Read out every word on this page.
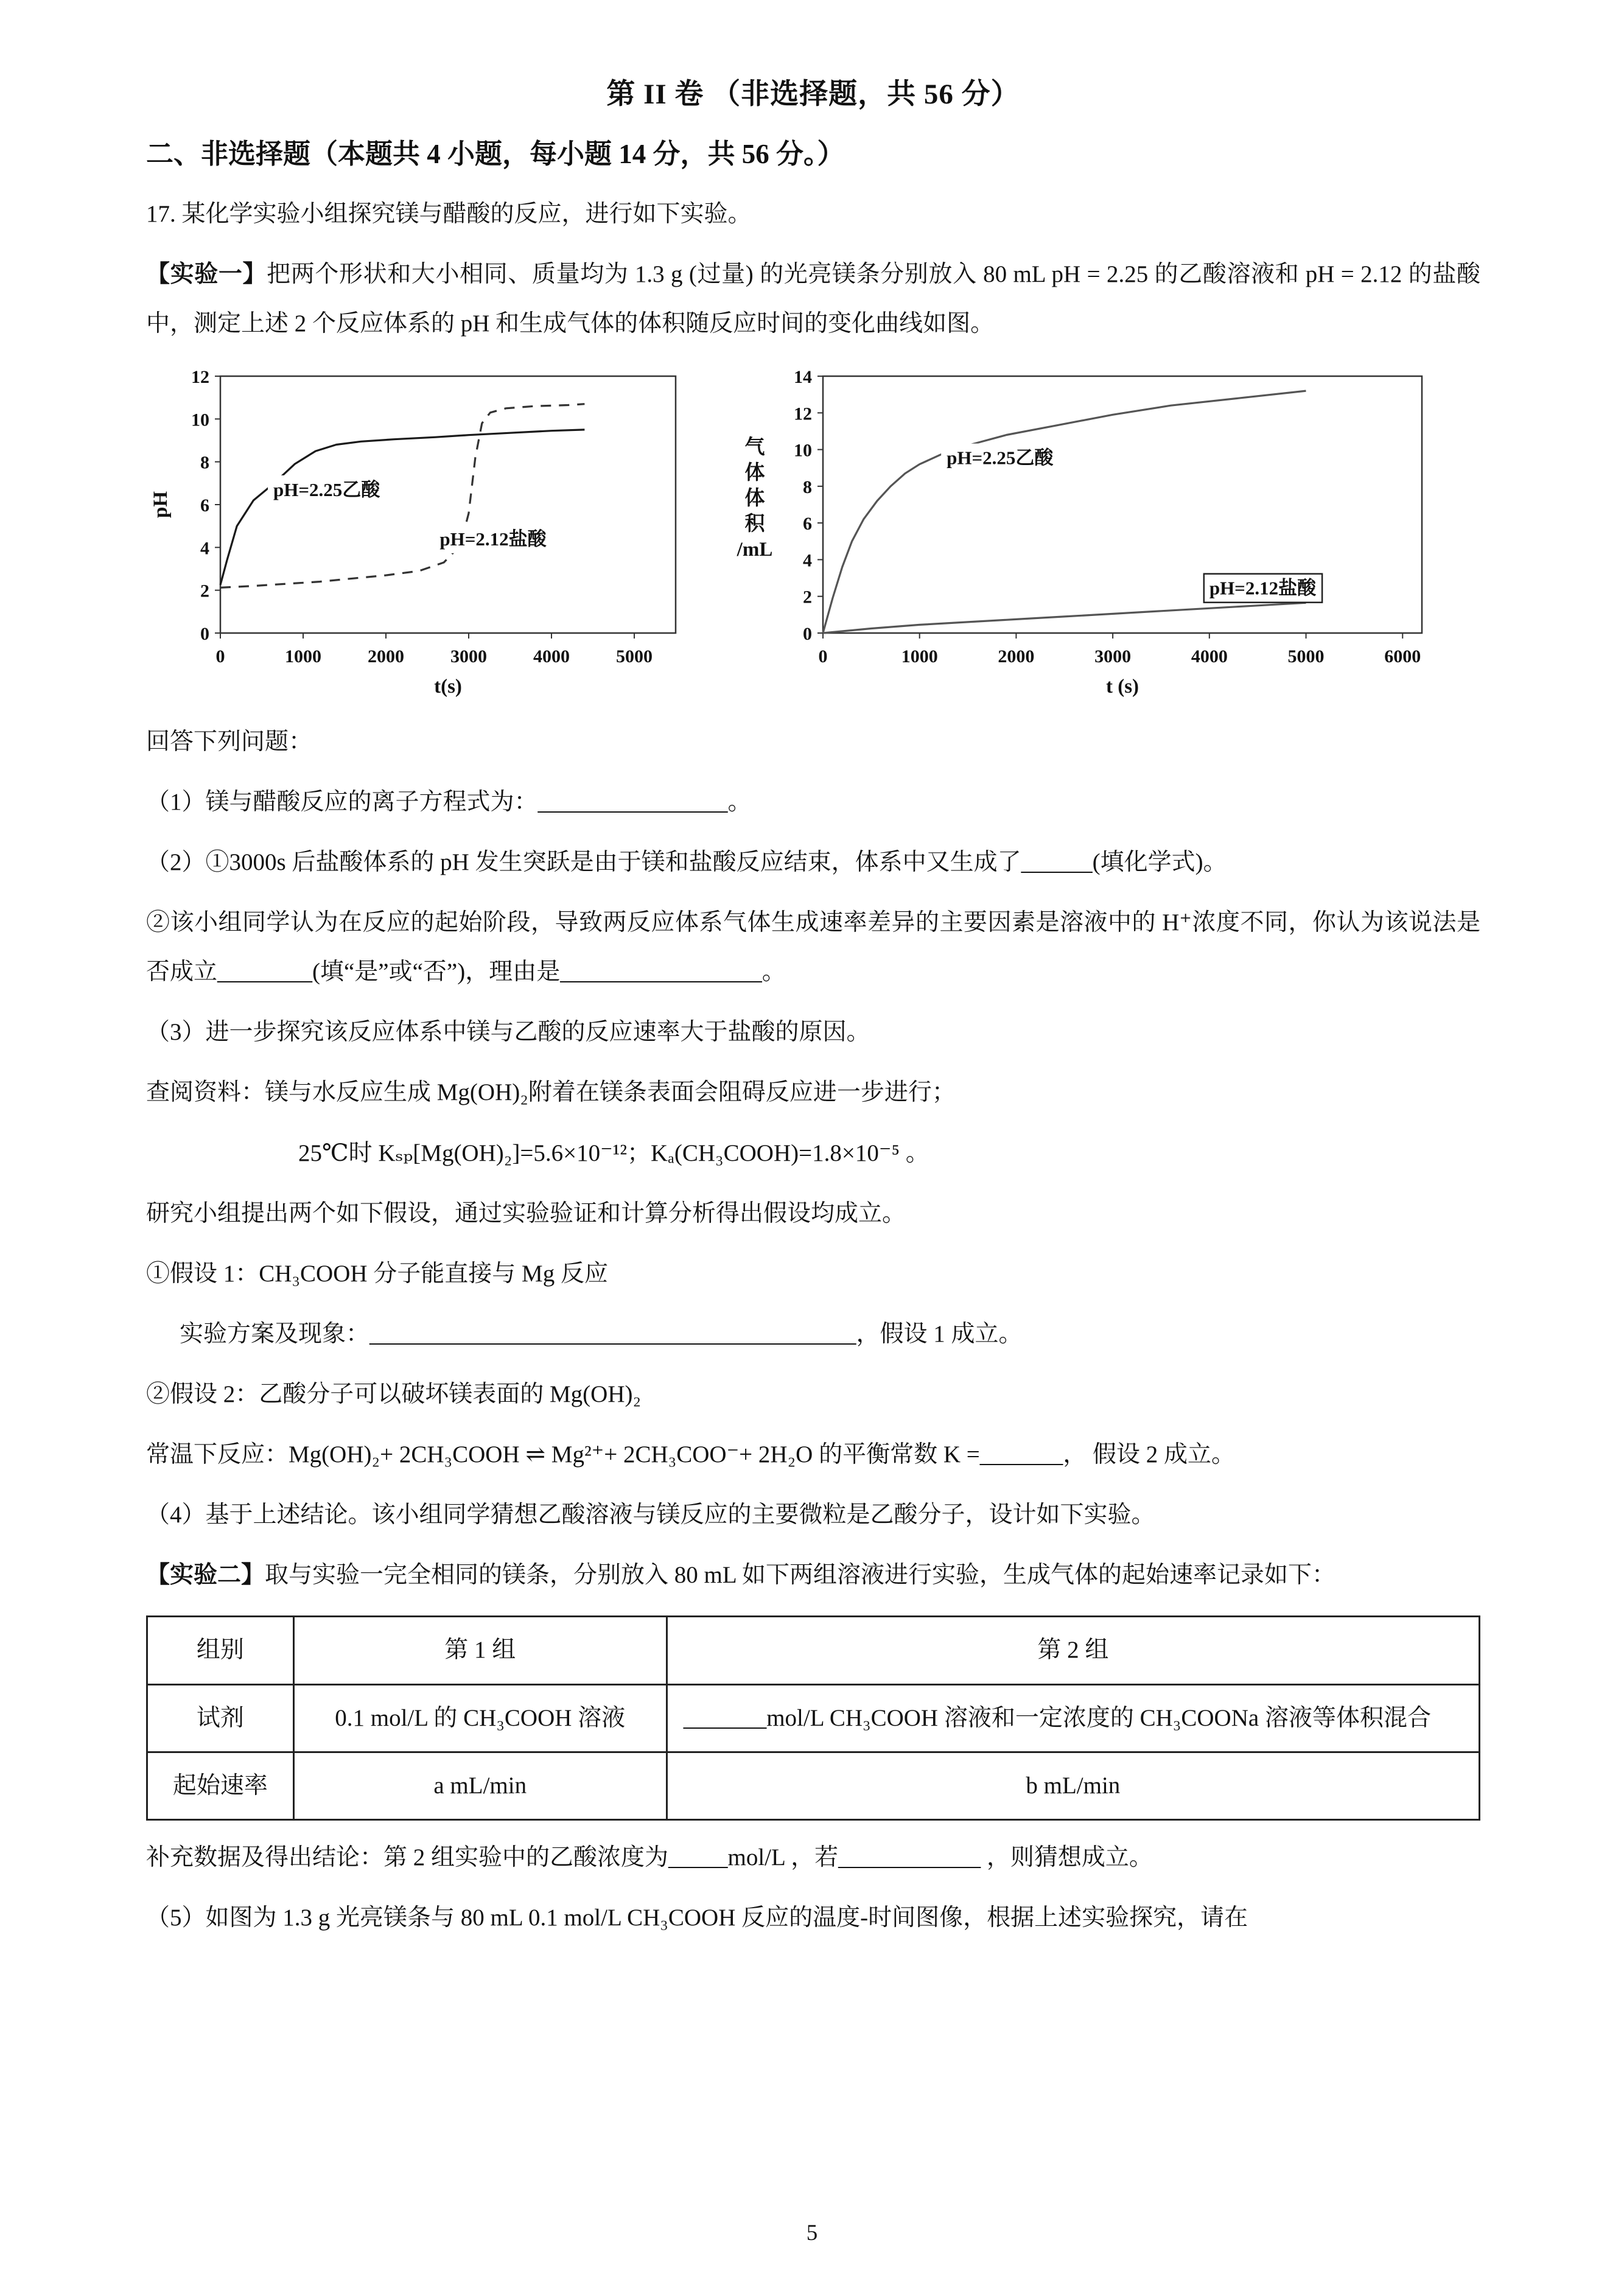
第 II 卷 （非选择题，共 56 分）
二、非选择题（本题共 4 小题，每小题 14 分，共 56 分。）

17. 某化学实验小组探究镁与醋酸的反应，进行如下实验。

【实验一】把两个形状和大小相同、质量均为 1.3 g (过量) 的光亮镁条分别放入 80 mL pH = 2.25 的乙酸溶液和 pH = 2.12 的盐酸中，测定上述 2 个反应体系的 pH 和生成气体的体积随反应时间的变化曲线如图。

0
2
4
6
8
10
12
0	1000	2000	3000	4000	5000
t(s)
pH
pH=2.25乙酸
pH=2.12盐酸
0
2
4
6
8
10
12
14
0	1000	2000	3000	4000	5000	6000
t (s)
气
体
体
积
/mL
pH=2.25乙酸
pH=2.12盐酸

回答下列问题：

（1）镁与醋酸反应的离子方程式为：________________。

（2）①3000s 后盐酸体系的 pH 发生突跃是由于镁和盐酸反应结束，体系中又生成了______(填化学式)。

②该小组同学认为在反应的起始阶段，导致两反应体系气体生成速率差异的主要因素是溶液中的 H⁺浓度不同，你认为该说法是否成立________(填“是”或“否”)，理由是_________________。

（3）进一步探究该反应体系中镁与乙酸的反应速率大于盐酸的原因。

查阅资料：镁与水反应生成 Mg(OH)₂附着在镁条表面会阻碍反应进一步进行；

25℃时 Kₛₚ[Mg(OH)₂]=5.6×10⁻¹²；Kₐ(CH₃COOH)=1.8×10⁻⁵ 。

研究小组提出两个如下假设，通过实验验证和计算分析得出假设均成立。

①假设 1：CH₃COOH 分子能直接与 Mg 反应

实验方案及现象：_________________________________________，假设 1 成立。

②假设 2：乙酸分子可以破坏镁表面的 Mg(OH)₂

常温下反应：Mg(OH)₂+ 2CH₃COOH ⇌ Mg²⁺+ 2CH₃COO⁻+ 2H₂O 的平衡常数 K =_______， 假设 2 成立。

（4）基于上述结论。该小组同学猜想乙酸溶液与镁反应的主要微粒是乙酸分子，设计如下实验。

【实验二】取与实验一完全相同的镁条，分别放入 80 mL 如下两组溶液进行实验，生成气体的起始速率记录如下：

组别	第 1 组	第 2 组
试剂	0.1 mol/L 的 CH₃COOH 溶液	_______mol/L CH₃COOH 溶液和一定浓度的 CH₃COONa 溶液等体积混合
起始速率	a mL/min	b mL/min

补充数据及得出结论：第 2 组实验中的乙酸浓度为_____mol/L ，若____________ ，则猜想成立。

（5）如图为 1.3 g 光亮镁条与 80 mL 0.1 mol/L CH₃COOH 反应的温度-时间图像，根据上述实验探究，请在

5
